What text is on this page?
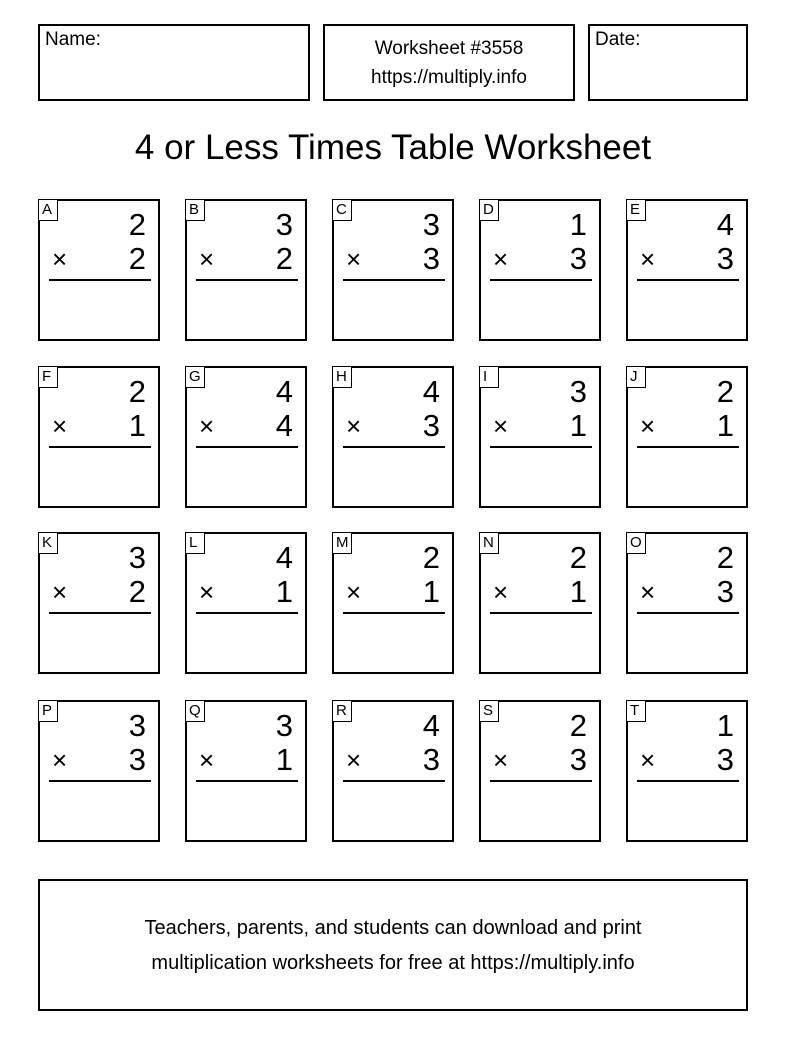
Name:	Worksheet #3558
https://multiply.info
Date:
4 or Less Times Table Worksheet
A 2
× 2
B 3
× 2
C 3
× 3
D 1
× 3
E 4
× 3
F	2
× 1
G 4
× 4
H 4
× 3
I	3
× 1
J	2
× 1
K 3
× 2
L	4
× 1
M 2
× 1
N 2
× 1
O 2
× 3
P 3
× 3
Q 3
× 1
R 4
× 3
S 2
× 3
T	1
× 3
Teachers, parents, and students can download and print
multiplication worksheets for free at https://multiply.info
